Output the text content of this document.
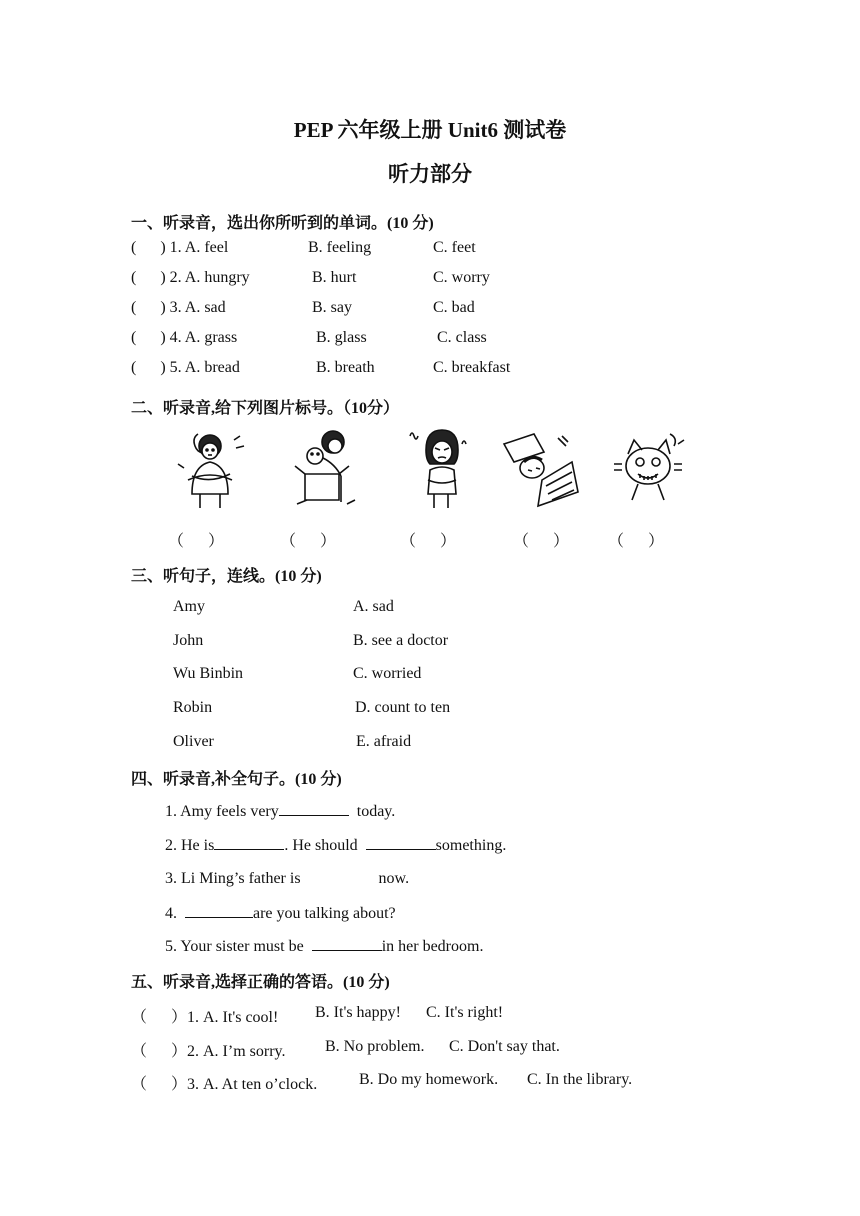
PEP 六年级上册 Unit6 测试卷
听力部分
一、听录音，选出你所听到的单词。(10 分)
(      ) 1. A. feel	B. feeling	C. feet
(      ) 2. A. hungry	B. hurt	C. worry
(      ) 3. A. sad	B. say	C. bad
(      ) 4. A. grass	B. glass	C. class
(      ) 5. A. bread	B. breath	C. breakfast
二、听录音,给下列图片标号。（10分）
（      ）	（      ）	（      ）	（      ） （      ）
三、听句子，连线。(10 分)
Amy	A. sad
John	B. see a doctor
Wu Binbin	C. worried
Robin	D. count to ten
Oliver	E. afraid
四、听录音,补全句子。(10 分)
1. Amy feels very	today.
2. He is	. He should	something.
3. Li Ming’s father is	now.
4.	are you talking about?
5. Your sister must be	in her bedroom.
五、听录音,选择正确的答语。(10 分)
（      ）1. A. It's cool! B. It's happy! C. It's right!
（      ）2. A. I’m sorry. B. No problem. C. Don't say that.
（      ）3. A. At ten o’clock.	B. Do my homework. C. In the library.
